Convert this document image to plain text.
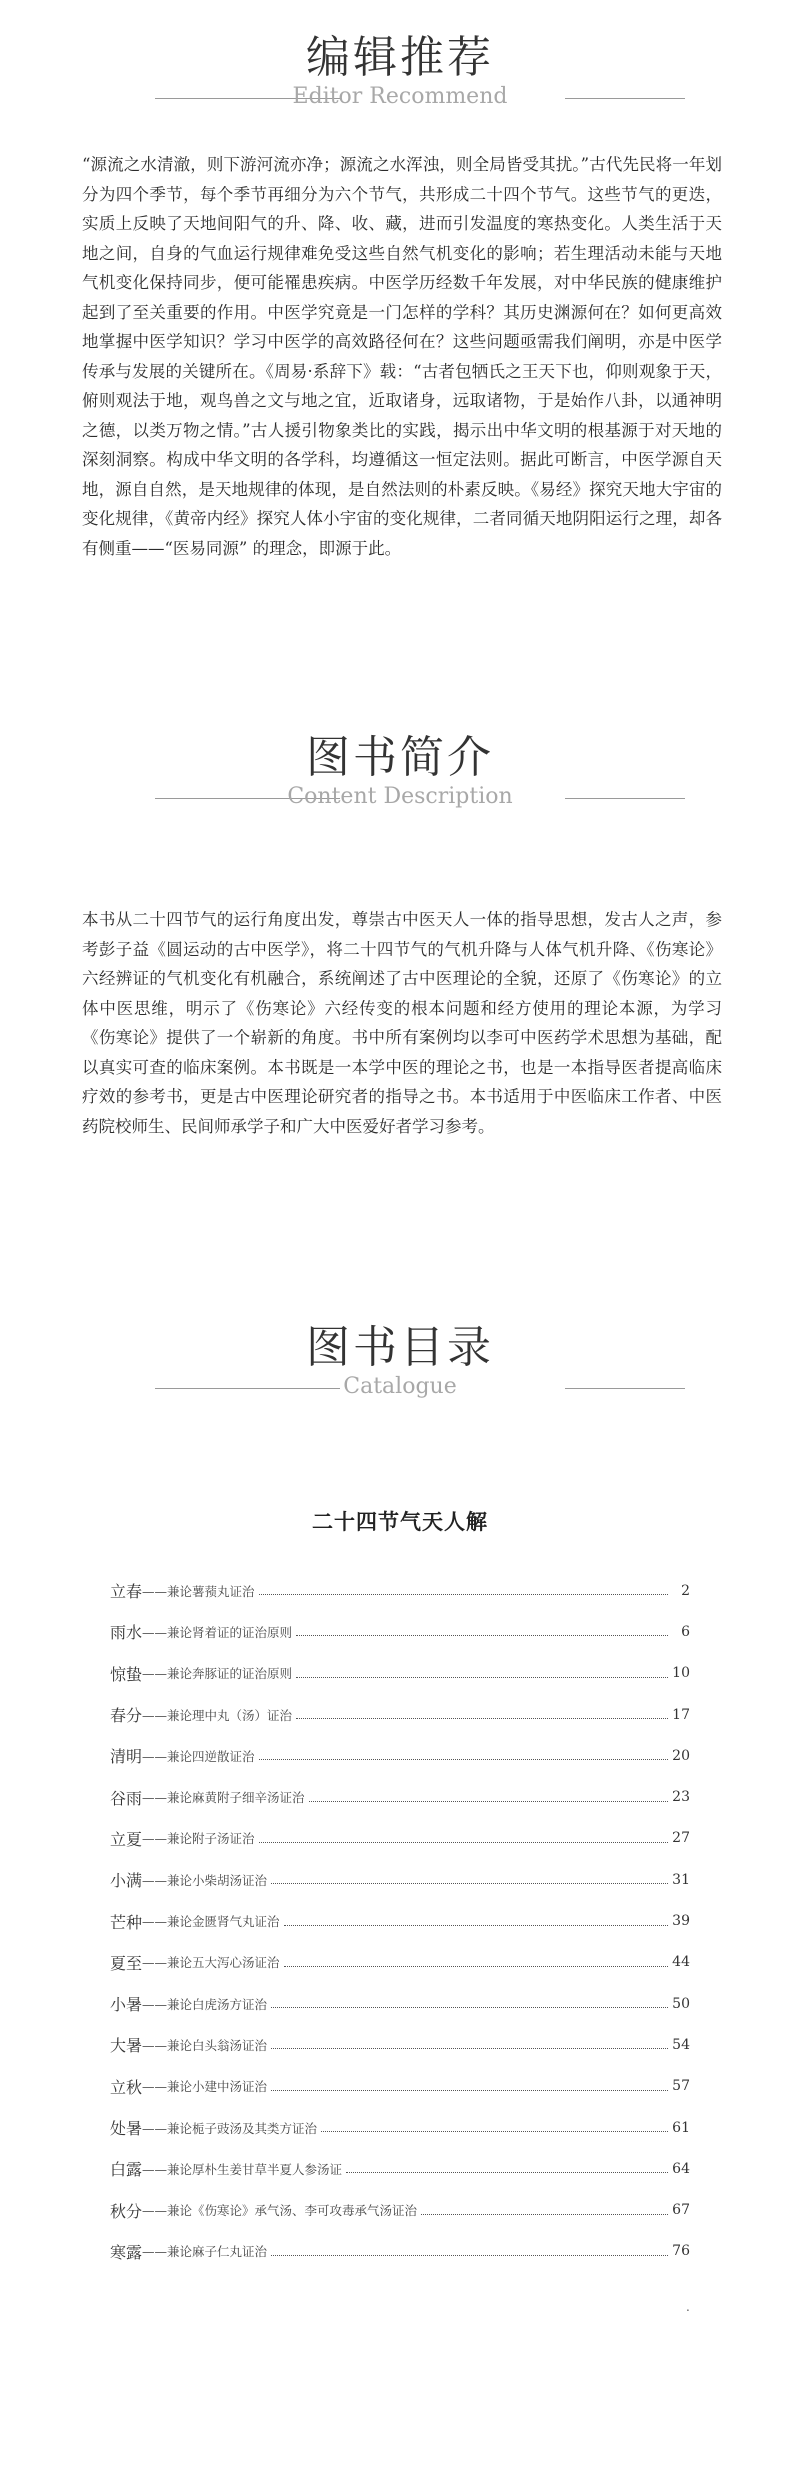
编辑推荐
Editor Recommend

“源流之水清澈，则下游河流亦净；源流之水浑浊，则全局皆受其扰。”古代先民将一年划分为四个季节，每个季节再细分为六个节气，共形成二十四个节气。这些节气的更迭，实质上反映了天地间阳气的升、降、收、藏，进而引发温度的寒热变化。人类生活于天地之间，自身的气血运行规律难免受这些自然气机变化的影响；若生理活动未能与天地气机变化保持同步，便可能罹患疾病。中医学历经数千年发展，对中华民族的健康维护起到了至关重要的作用。中医学究竟是一门怎样的学科？其历史渊源何在？如何更高效地掌握中医学知识？学习中医学的高效路径何在？这些问题亟需我们阐明，亦是中医学传承与发展的关键所在。《周易·系辞下》载：“古者包牺氏之王天下也，仰则观象于天，俯则观法于地，观鸟兽之文与地之宜，近取诸身，远取诸物，于是始作八卦，以通神明之德，以类万物之情。”古人援引物象类比的实践，揭示出中华文明的根基源于对天地的深刻洞察。构成中华文明的各学科，均遵循这一恒定法则。据此可断言，中医学源自天地，源自自然，是天地规律的体现，是自然法则的朴素反映。《易经》探究天地大宇宙的变化规律，《黄帝内经》探究人体小宇宙的变化规律，二者同循天地阴阳运行之理，却各有侧重——“医易同源” 的理念，即源于此。

图书简介
Content Description

本书从二十四节气的运行角度出发，尊崇古中医天人一体的指导思想，发古人之声，参考彭子益《圆运动的古中医学》，将二十四节气的气机升降与人体气机升降、《伤寒论》六经辨证的气机变化有机融合，系统阐述了古中医理论的全貌，还原了《伤寒论》的立体中医思维，明示了《伤寒论》六经传变的根本问题和经方使用的理论本源，为学习《伤寒论》提供了一个崭新的角度。书中所有案例均以李可中医药学术思想为基础，配以真实可查的临床案例。本书既是一本学中医的理论之书，也是一本指导医者提高临床疗效的参考书，更是古中医理论研究者的指导之书。本书适用于中医临床工作者、中医药院校师生、民间师承学子和广大中医爱好者学习参考。

图书目录
Catalogue
二十四节气天人解
立春 ——兼论薯蓣丸证治	2
雨水 ——兼论肾着证的证治原则	6
惊蛰 ——兼论奔豚证的证治原则	10
春分 ——兼论理中丸（汤）证治	17
清明 ——兼论四逆散证治	20
谷雨 ——兼论麻黄附子细辛汤证治	23
立夏 ——兼论附子汤证治	27
小满 ——兼论小柴胡汤证治	31
芒种 ——兼论金匮肾气丸证治	39
夏至 ——兼论五大泻心汤证治	44
小暑 ——兼论白虎汤方证治	50
大暑 ——兼论白头翁汤证治	54
立秋 ——兼论小建中汤证治	57
处暑 ——兼论栀子豉汤及其类方证治	61
白露 ——兼论厚朴生姜甘草半夏人参汤证	64
秋分 ——兼论《伤寒论》承气汤、李可攻毒承气汤证治	67
寒露 ——兼论麻子仁丸证治	76
.
